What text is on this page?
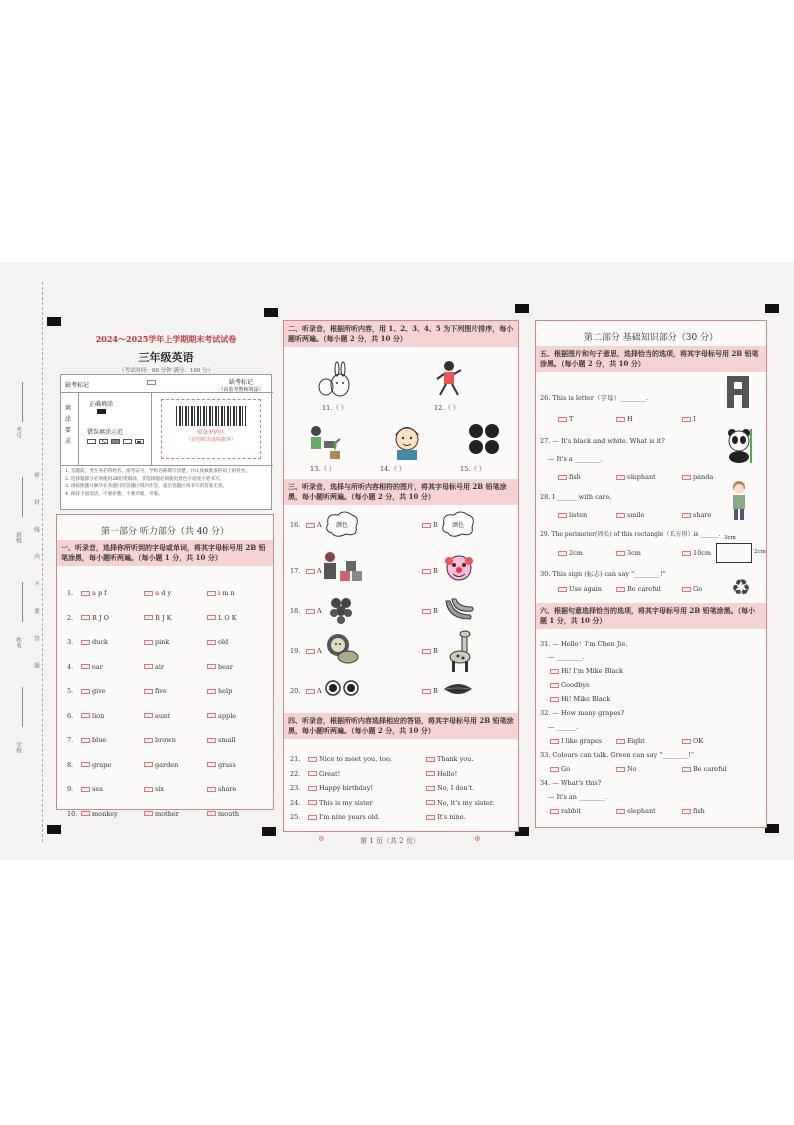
考号
班级
姓名
学校
密 封 线 内 不 要 答 题
2024～2025学年上学期期末考试试卷
三年级英语
（考试时间：60 分钟 满分：100 分）
缺考标记	缺考标记
（由监考教师填涂）
填涂要求
正确填涂
错误填涂示范	贴条形码区
（切勿贴出虚线框外）
1. 答题前，考生务必将姓名、准考证号、学校名称填写清楚，并认真核准条形码上的姓名。
2. 选择题部分必须使用2B铅笔填涂，非选择题必须使用黑色字迹签字笔书写。
3. 请按照题号顺序在各题目的答题区域内作答，超出答题区域书写的答案无效。
4. 保持卡面清洁，不要折叠、不要弄破、弄皱。
第一部分 听力部分（共 40 分）
一、听录音，选择你所听到的字母或单词，将其字母标号用 2B 铅笔涂黑，每小题听两遍。（每小题 1 分，共 10 分）
1.	a p f	u d y	i m n
2.	R J O	R J K	L O K
3.	duck	pink	old
4.	ear	air	bear
5.	give	five	help
6.	lion	aunt	apple
7.	blue	brown	small
8.	grape	garden	grass
9.	sea	six	share
10.	monkey	mother	mouth
二、听录音，根据所听内容，用 1、2、3、4、5 为下列图片排序，每小题听两遍。（每小题 2 分，共 10 分）
11.（ ）	12.（ ）
13.（ ）	14.（ ）	15.（ ）
三、听录音，选择与所听内容相符的图片，将其字母标号用 2B 铅笔涂黑，每小题听两遍。（每小题 2 分，共 10 分）
16.	A 颜色	B 颜色
17.	A	B
18.	A	B
19.	A	B
20.	A	B
四、听录音，根据所听内容选择相应的答语，将其字母标号用 2B 铅笔涂黑，每小题听两遍。（每小题 2 分，共 10 分）
21.	Nice to meet you, too.	Thank you.
22.	Great!	Hello!
23.	Happy birthday!	No, I don't.
24.	This is my sister	No, it's my sister.
25.	I'm nine years old.	It's nine.
第 1 页（共 2 页）
⊕	⊕
第二部分 基础知识部分（30 分）
五、根据图片和句子意思，选择恰当的选项，将其字母标号用 2B 铅笔涂黑。（每小题 2 分，共 10 分）
26. This is letter（字母）________.
T	H	I
27. — It's black and white. What is it?
— It's a ________.
fish	elephant	panda
28. I ______ with care.
listen	smile	share
29. The perimeter(周长) of this rectangle（长方形）is ______. 3cm
2cm
2cm	3cm	10cm
30. This sign (标志) can say "________!"
♻
Use again	Be careful	Go
六、根据句意选择恰当的选项，将其字母标号用 2B 铅笔涂黑。（每小题 1 分，共 10 分）
31. — Hello！I'm Chen Jie.
— ________.
Hi! I'm Mike Black
Goodbye
Hi! Mike Black
32. — How many grapes?
— ______.
I like grapes	Eight	OK
33. Colours can talk. Green can say "________!"
Go	No	Be careful
34. — What's this?
— It's an ________.
rabbit	elephant	fish
